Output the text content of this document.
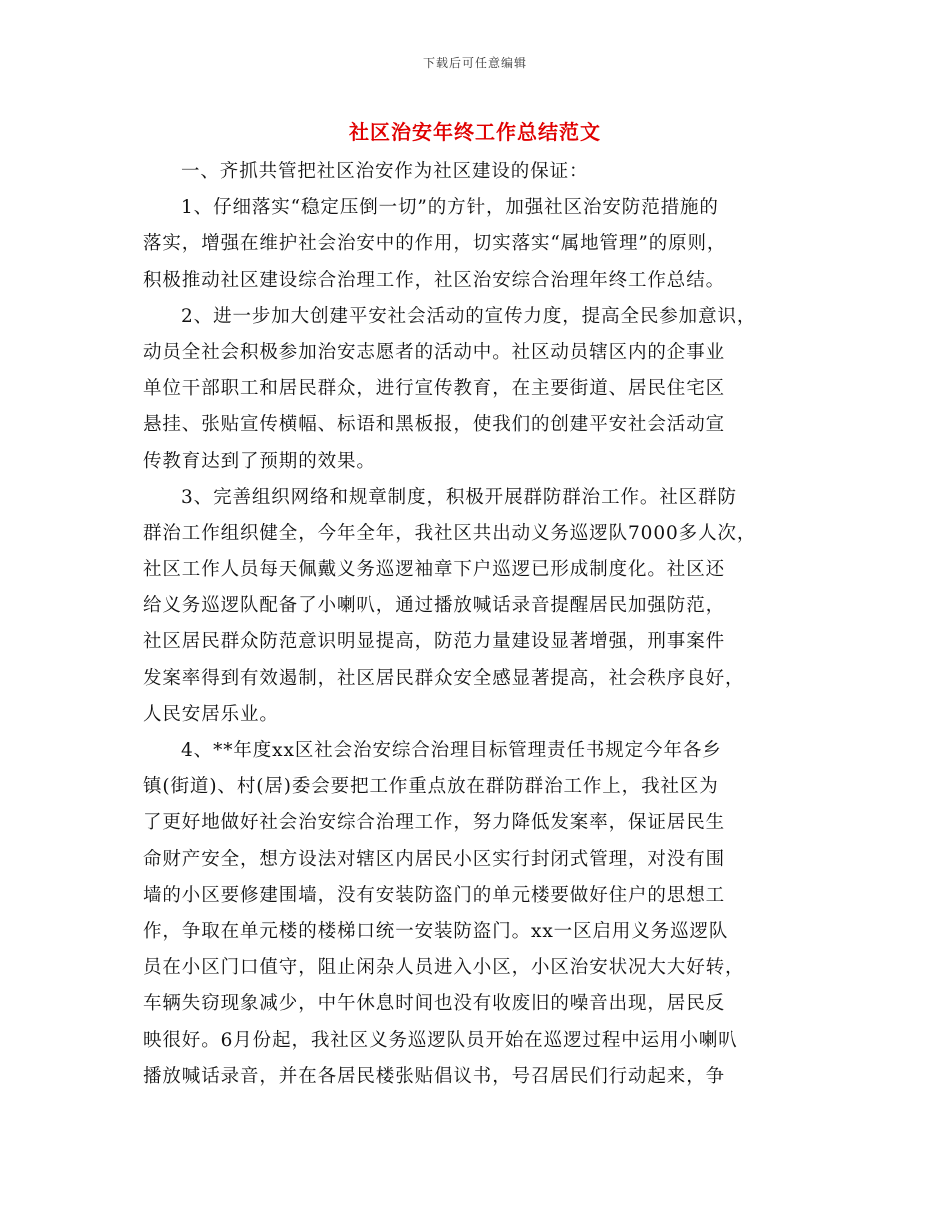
下载后可任意编辑
社区治安年终工作总结范文
一、齐抓共管把社区治安作为社区建设的保证：
1、仔细落实“稳定压倒一切”的方针，加强社区治安防范措施的
落实，增强在维护社会治安中的作用，切实落实“属地管理”的原则，
积极推动社区建设综合治理工作，社区治安综合治理年终工作总结。
2、进一步加大创建平安社会活动的宣传力度，提高全民参加意识，
动员全社会积极参加治安志愿者的活动中。社区动员辖区内的企事业
单位干部职工和居民群众，进行宣传教育，在主要街道、居民住宅区
悬挂、张贴宣传横幅、标语和黑板报，使我们的创建平安社会活动宣
传教育达到了预期的效果。
3、完善组织网络和规章制度，积极开展群防群治工作。社区群防
群治工作组织健全，今年全年，我社区共出动义务巡逻队7000多人次，
社区工作人员每天佩戴义务巡逻袖章下户巡逻已形成制度化。社区还
给义务巡逻队配备了小喇叭，通过播放喊话录音提醒居民加强防范，
社区居民群众防范意识明显提高，防范力量建设显著增强，刑事案件
发案率得到有效遏制，社区居民群众安全感显著提高，社会秩序良好，
人民安居乐业。
4、**年度xx区社会治安综合治理目标管理责任书规定今年各乡
镇(街道)、村(居)委会要把工作重点放在群防群治工作上，我社区为
了更好地做好社会治安综合治理工作，努力降低发案率，保证居民生
命财产安全，想方设法对辖区内居民小区实行封闭式管理，对没有围
墙的小区要修建围墙，没有安装防盗门的单元楼要做好住户的思想工
作，争取在单元楼的楼梯口统一安装防盗门。xx一区启用义务巡逻队
员在小区门口值守，阻止闲杂人员进入小区，小区治安状况大大好转，
车辆失窃现象减少，中午休息时间也没有收废旧的噪音出现，居民反
映很好。6月份起，我社区义务巡逻队员开始在巡逻过程中运用小喇叭
播放喊话录音，并在各居民楼张贴倡议书，号召居民们行动起来，争
